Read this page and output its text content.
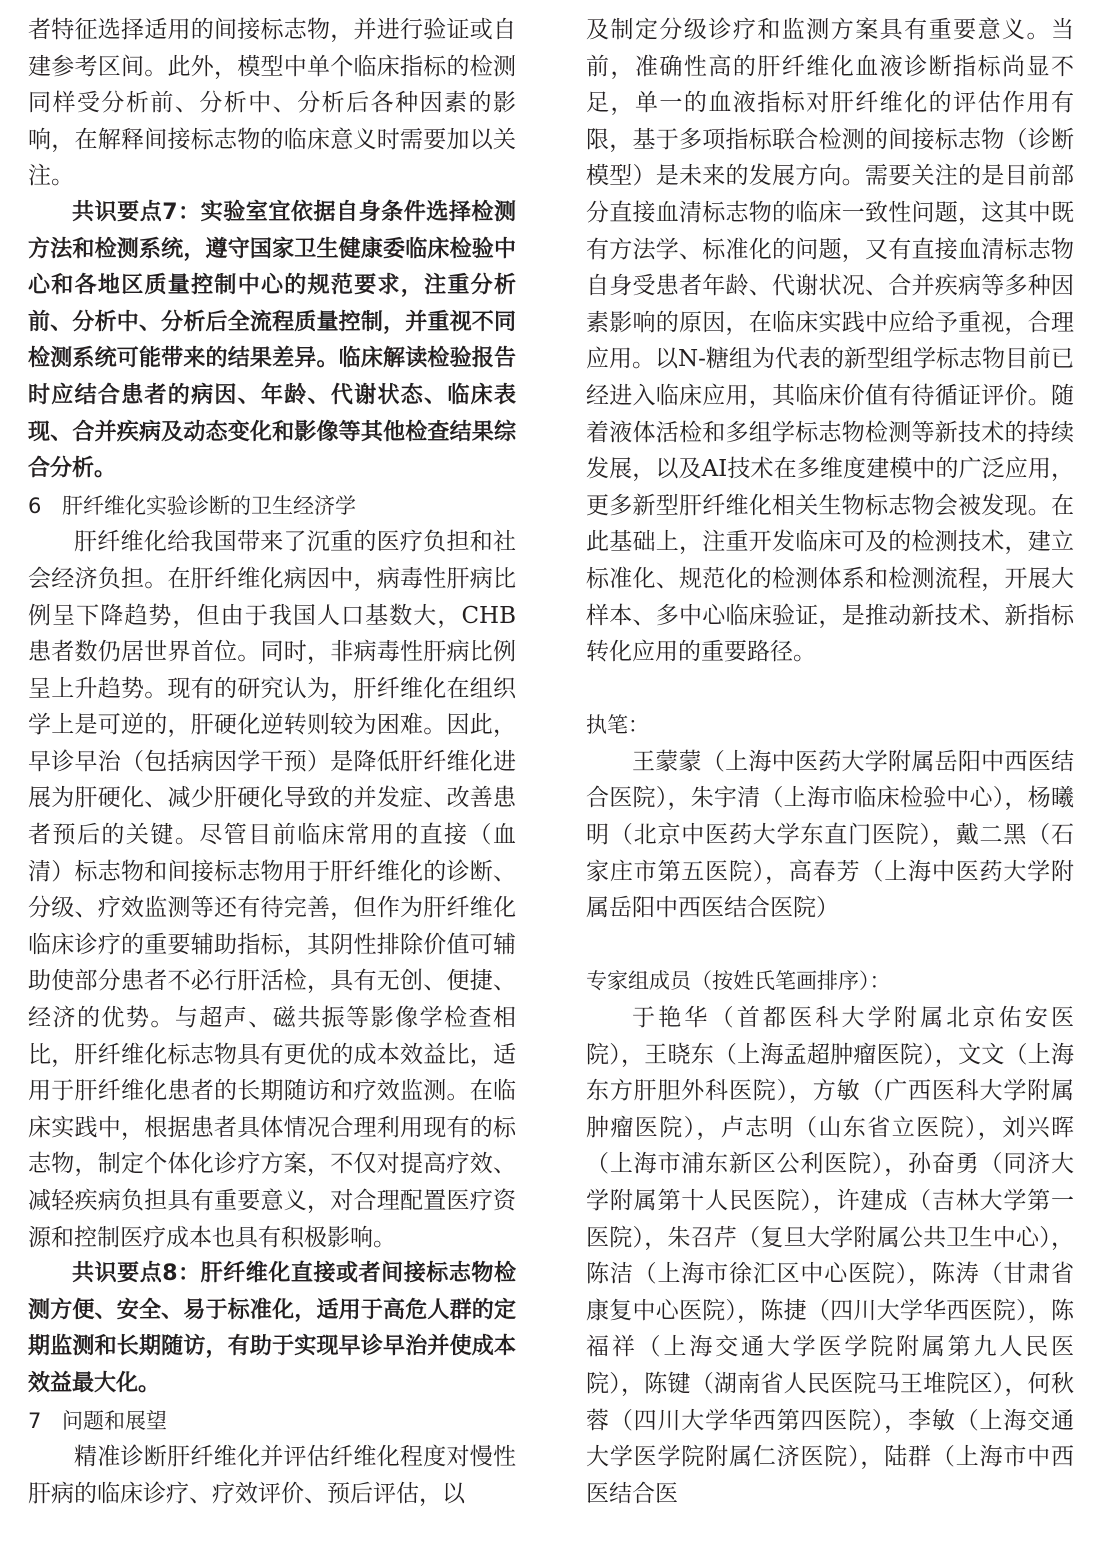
者特征选择适用的间接标志物，并进行验证或自建参考区间。此外，模型中单个临床指标的检测同样受分析前、分析中、分析后各种因素的影响，在解释间接标志物的临床意义时需要加以关注。

共识要点7：实验室宜依据自身条件选择检测方法和检测系统，遵守国家卫生健康委临床检验中心和各地区质量控制中心的规范要求，注重分析前、分析中、分析后全流程质量控制，并重视不同检测系统可能带来的结果差异。临床解读检验报告时应结合患者的病因、年龄、代谢状态、临床表现、合并疾病及动态变化和影像等其他检查结果综合分析。

6 肝纤维化实验诊断的卫生经济学

肝纤维化给我国带来了沉重的医疗负担和社会经济负担。在肝纤维化病因中，病毒性肝病比例呈下降趋势，但由于我国人口基数大，CHB患者数仍居世界首位。同时，非病毒性肝病比例呈上升趋势。现有的研究认为，肝纤维化在组织学上是可逆的，肝硬化逆转则较为困难。因此，早诊早治（包括病因学干预）是降低肝纤维化进展为肝硬化、减少肝硬化导致的并发症、改善患者预后的关键。尽管目前临床常用的直接（血清）标志物和间接标志物用于肝纤维化的诊断、分级、疗效监测等还有待完善，但作为肝纤维化临床诊疗的重要辅助指标，其阴性排除价值可辅助使部分患者不必行肝活检，具有无创、便捷、经济的优势。与超声、磁共振等影像学检查相比，肝纤维化标志物具有更优的成本效益比，适用于肝纤维化患者的长期随访和疗效监测。在临床实践中，根据患者具体情况合理利用现有的标志物，制定个体化诊疗方案，不仅对提高疗效、减轻疾病负担具有重要意义，对合理配置医疗资源和控制医疗成本也具有积极影响。

共识要点8：肝纤维化直接或者间接标志物检测方便、安全、易于标准化，适用于高危人群的定期监测和长期随访，有助于实现早诊早治并使成本效益最大化。

7 问题和展望

精准诊断肝纤维化并评估纤维化程度对慢性肝病的临床诊疗、疗效评价、预后评估，以

及制定分级诊疗和监测方案具有重要意义。当前，准确性高的肝纤维化血液诊断指标尚显不足，单一的血液指标对肝纤维化的评估作用有限，基于多项指标联合检测的间接标志物（诊断模型）是未来的发展方向。需要关注的是目前部分直接血清标志物的临床一致性问题，这其中既有方法学、标准化的问题，又有直接血清标志物自身受患者年龄、代谢状况、合并疾病等多种因素影响的原因，在临床实践中应给予重视，合理应用。以N-糖组为代表的新型组学标志物目前已经进入临床应用，其临床价值有待循证评价。随着液体活检和多组学标志物检测等新技术的持续发展，以及AI技术在多维度建模中的广泛应用，更多新型肝纤维化相关生物标志物会被发现。在此基础上，注重开发临床可及的检测技术，建立标准化、规范化的检测体系和检测流程，开展大样本、多中心临床验证，是推动新技术、新指标转化应用的重要路径。

执笔：

王蒙蒙（上海中医药大学附属岳阳中西医结合医院），朱宇清（上海市临床检验中心），杨曦明（北京中医药大学东直门医院），戴二黑（石家庄市第五医院），高春芳（上海中医药大学附属岳阳中西医结合医院）

专家组成员（按姓氏笔画排序）：

于艳华（首都医科大学附属北京佑安医院），王晓东（上海孟超肿瘤医院），文文（上海东方肝胆外科医院），方敏（广西医科大学附属肿瘤医院），卢志明（山东省立医院），刘兴晖（上海市浦东新区公利医院），孙奋勇（同济大学附属第十人民医院），许建成（吉林大学第一医院），朱召芹（复旦大学附属公共卫生中心），陈洁（上海市徐汇区中心医院），陈涛（甘肃省康复中心医院），陈捷（四川大学华西医院），陈福祥（上海交通大学医学院附属第九人民医院），陈键（湖南省人民医院马王堆院区），何秋蓉（四川大学华西第四医院），李敏（上海交通大学医学院附属仁济医院），陆群（上海市中西医结合医
